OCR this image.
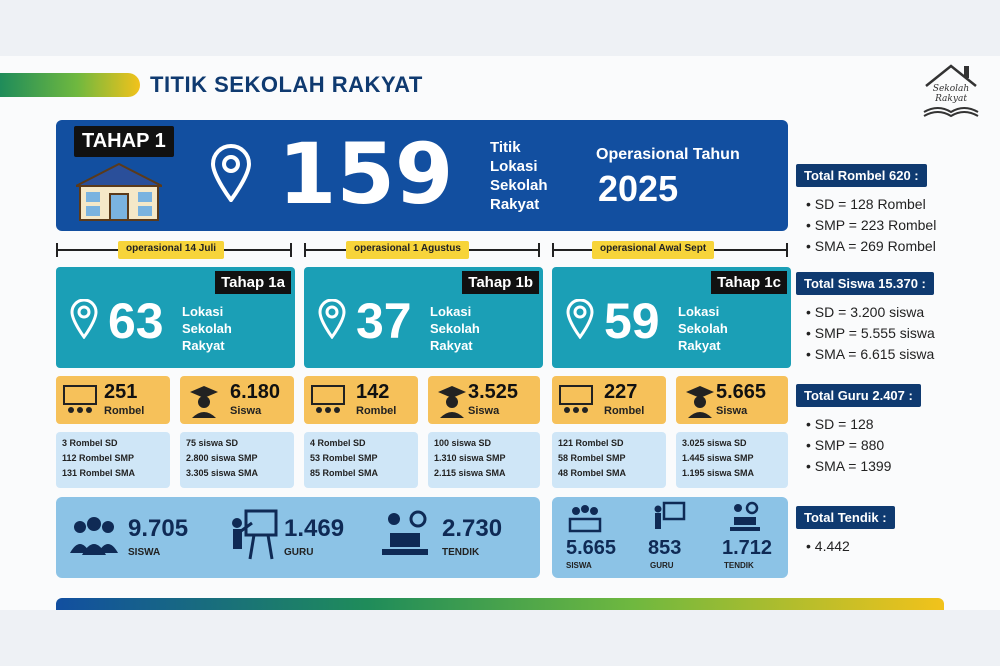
TITIK SEKOLAH RAKYAT	Sekolah
Rakyat
TAHAP 1 159 Titik
Lokasi
Sekolah
Rakyat
Operasional Tahun
2025
operasional 14 Juli	operasional 1 Agustus	operasional Awal Sept
Tahap 1a
63 Lokasi
Sekolah
Rakyat
Tahap 1b
37 Lokasi
Sekolah
Rakyat
Tahap 1c
59 Lokasi
Sekolah
Rakyat
251
Rombel
6.180
Siswa
142
Rombel
3.525
Siswa
227
Rombel
5.665
Siswa
3 Rombel SD
112 Rombel SMP
131 Rombel SMA
75 siswa SD
2.800 siswa SMP
3.305 siswa SMA
4 Rombel SD
53 Rombel SMP
85 Rombel SMA
100 siswa SD
1.310 siswa SMP
2.115 siswa SMA
121 Rombel SD
58 Rombel SMP
48 Rombel SMA
3.025 siswa SD
1.445 siswa SMP
1.195 siswa SMA
9.705
SISWA
1.469
GURU
2.730
TENDIK	5.665
SISWA
853
GURU
1.712
TENDIK
Total Rombel 620 :
• SD = 128 Rombel
• SMP = 223 Rombel
• SMA = 269 Rombel
Total Siswa 15.370 :
• SD = 3.200 siswa
• SMP = 5.555 siswa
• SMA = 6.615 siswa
Total Guru 2.407 :
• SD = 128
• SMP = 880
• SMA = 1399
Total Tendik :
• 4.442
